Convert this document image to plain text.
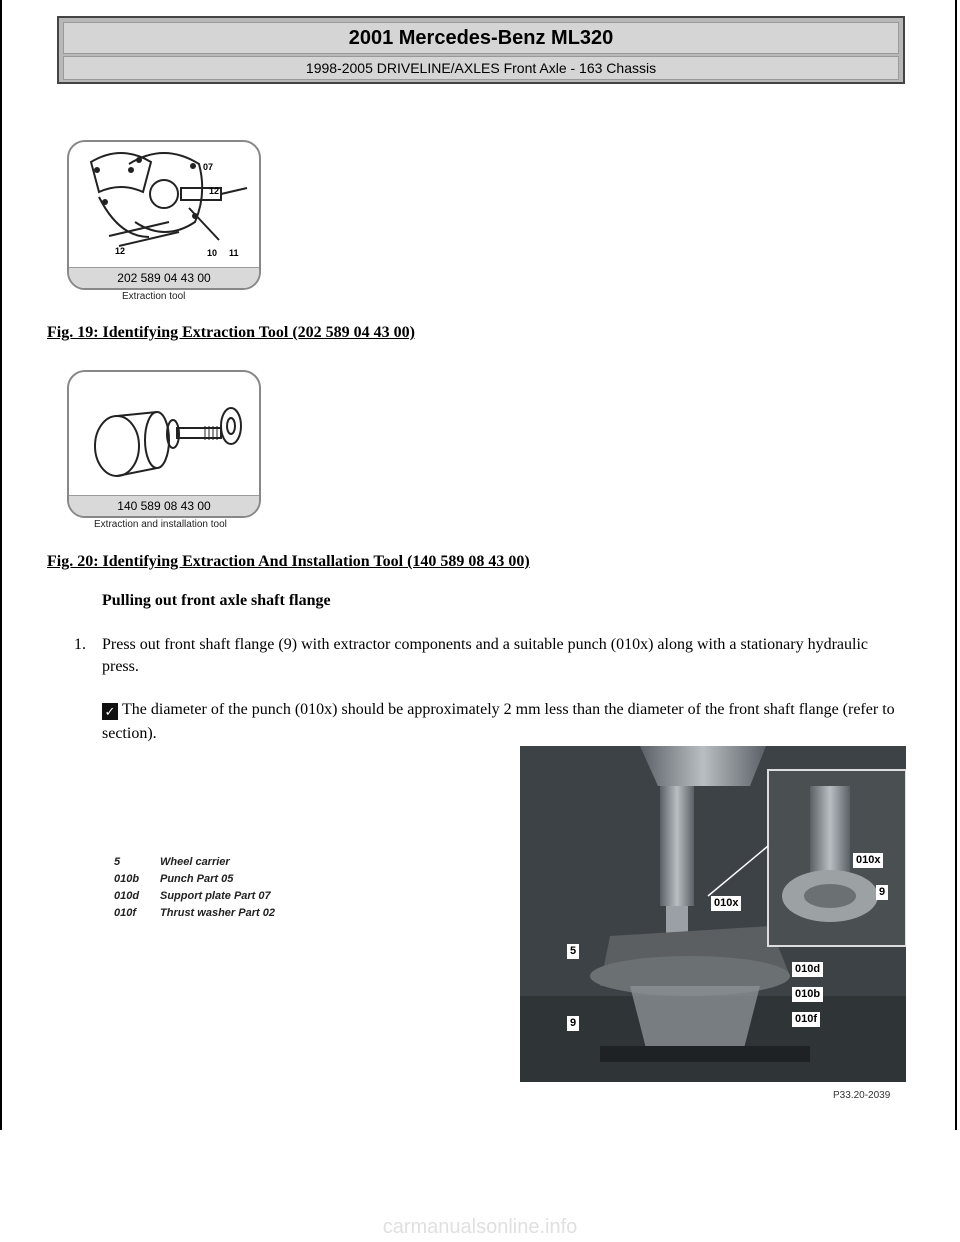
2001 Mercedes-Benz ML320
1998-2005 DRIVELINE/AXLES Front Axle - 163 Chassis
07
12
12	10 11
202 589 04 43 00
Extraction tool
Fig. 19: Identifying Extraction Tool (202 589 04 43 00)
140 589 08 43 00
Extraction and installation tool
Fig. 20: Identifying Extraction And Installation Tool (140 589 08 43 00)
Pulling out front axle shaft flange
1. Press out front shaft flange (9) with extractor components and a suitable punch (010x) along with a stationary hydraulic press.
✓ The diameter of the punch (010x) should be approximately 2 mm less than the diameter of the front shaft flange (refer to section).
5	Wheel carrier
010b	Punch Part 05
010d	Support plate Part 07
010f	Thrust washer Part 02
010x
9
010x
5
010d
010b
9	010f
P33.20-2039
carmanualsonline.info
